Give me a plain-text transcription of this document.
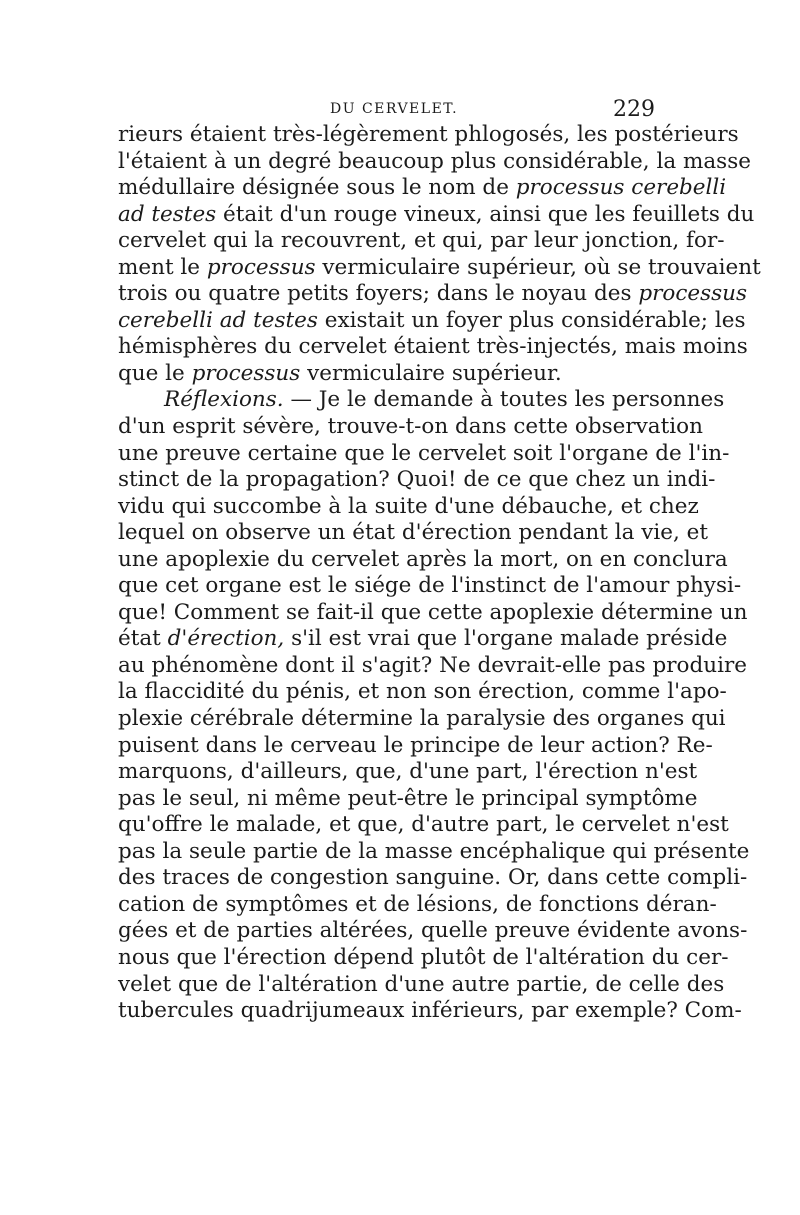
DU CERVELET.	229
rieurs étaient très-légèrement phlogosés, les postérieurs
l'étaient à un degré beaucoup plus considérable, la masse
médullaire désignée sous le nom de processus cerebelli
ad testes était d'un rouge vineux, ainsi que les feuillets du
cervelet qui la recouvrent, et qui, par leur jonction, for-
ment le processus vermiculaire supérieur, où se trouvaient
trois ou quatre petits foyers; dans le noyau des processus
cerebelli ad testes existait un foyer plus considérable; les
hémisphères du cervelet étaient très-injectés, mais moins
que le processus vermiculaire supérieur.
Réflexions. — Je le demande à toutes les personnes
d'un esprit sévère, trouve-t-on dans cette observation
une preuve certaine que le cervelet soit l'organe de l'in-
stinct de la propagation? Quoi! de ce que chez un indi-
vidu qui succombe à la suite d'une débauche, et chez
lequel on observe un état d'érection pendant la vie, et
une apoplexie du cervelet après la mort, on en conclura
que cet organe est le siége de l'instinct de l'amour physi-
que! Comment se fait-il que cette apoplexie détermine un
état d'érection, s'il est vrai que l'organe malade préside
au phénomène dont il s'agit? Ne devrait-elle pas produire
la flaccidité du pénis, et non son érection, comme l'apo-
plexie cérébrale détermine la paralysie des organes qui
puisent dans le cerveau le principe de leur action? Re-
marquons, d'ailleurs, que, d'une part, l'érection n'est
pas le seul, ni même peut-être le principal symptôme
qu'offre le malade, et que, d'autre part, le cervelet n'est
pas la seule partie de la masse encéphalique qui présente
des traces de congestion sanguine. Or, dans cette compli-
cation de symptômes et de lésions, de fonctions déran-
gées et de parties altérées, quelle preuve évidente avons-
nous que l'érection dépend plutôt de l'altération du cer-
velet que de l'altération d'une autre partie, de celle des
tubercules quadrijumeaux inférieurs, par exemple? Com-
